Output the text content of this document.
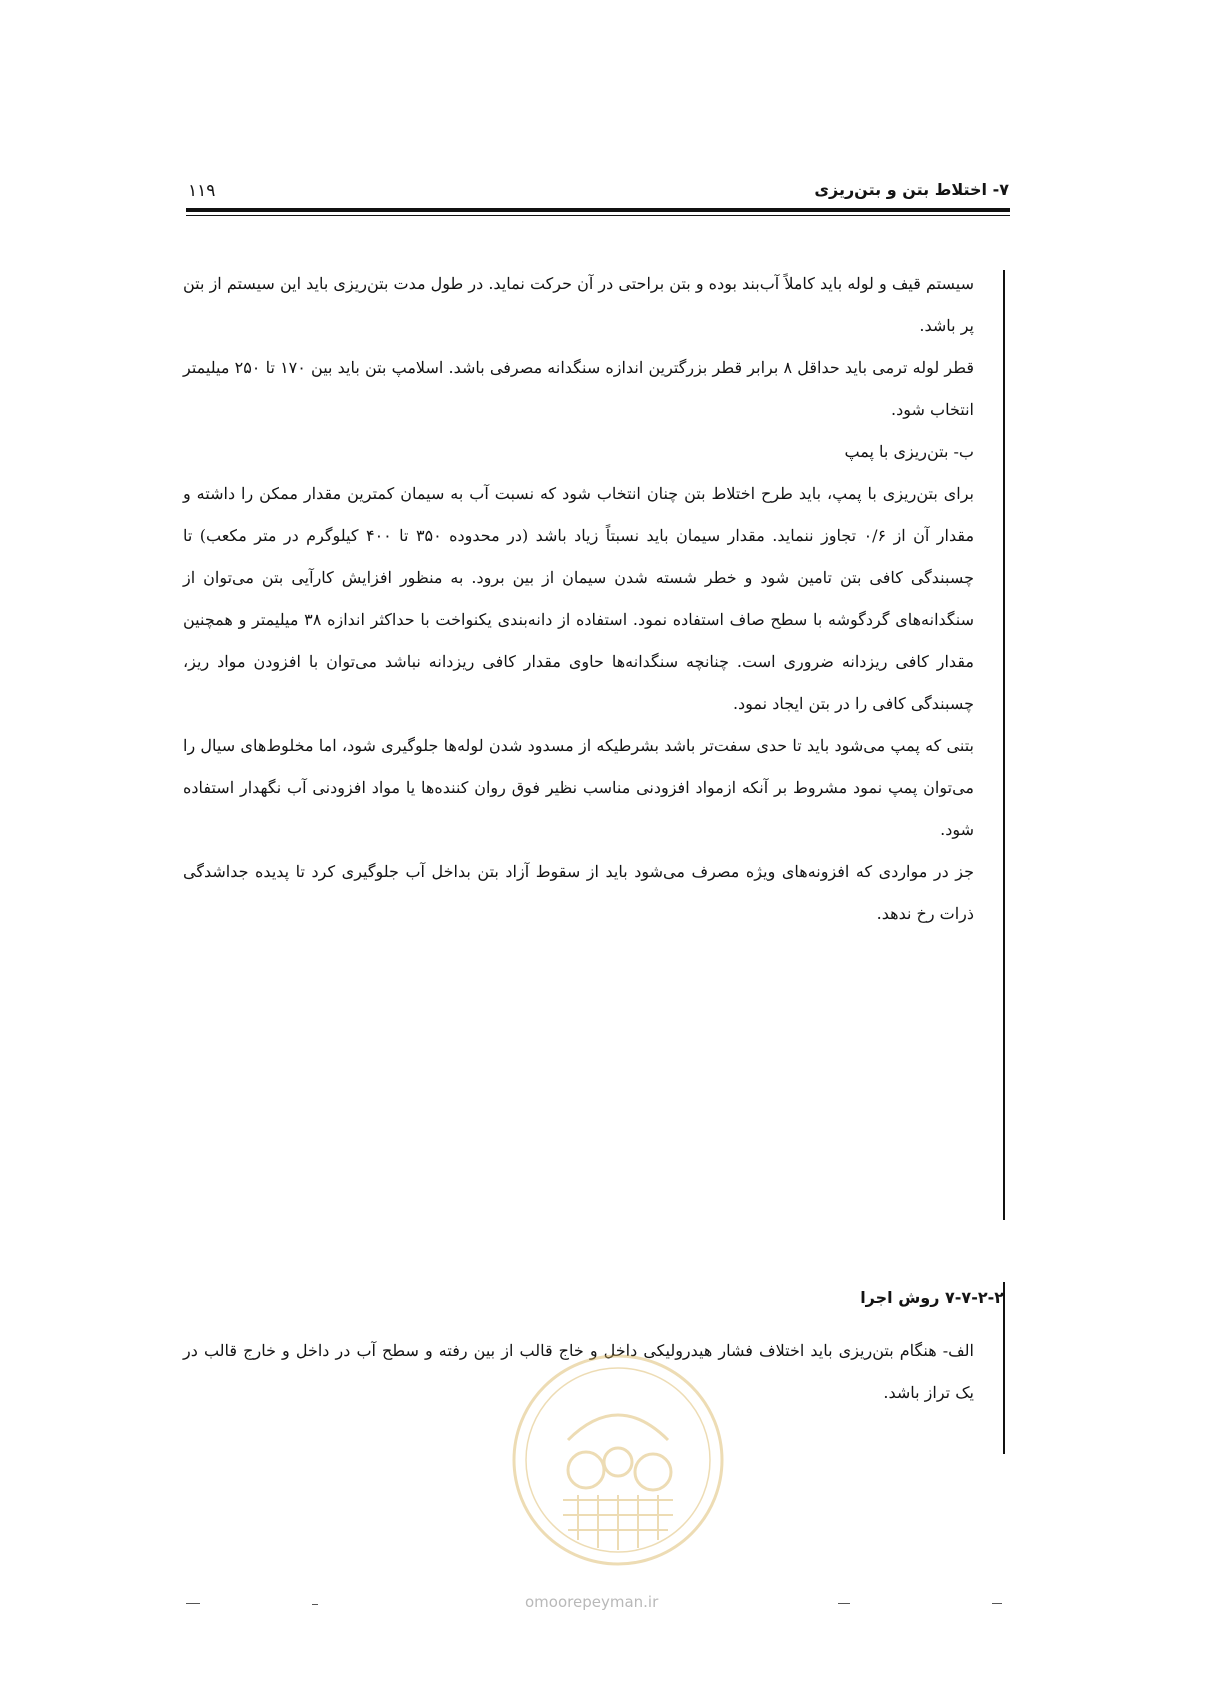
۷- اختلاط بتن و بتن‌ریزی
۱۱۹

سیستم قیف و لوله باید کاملاً آب‌بند بوده و بتن براحتی در آن حرکت نماید. در طول مدت بتن‌ریزی باید این سیستم از بتن پر باشد.

قطر لوله ترمی باید حداقل ۸ برابر قطر بزرگترین اندازه سنگدانه مصرفی باشد. اسلامپ بتن باید بین ۱۷۰ تا ۲۵۰ میلیمتر انتخاب شود.

ب- بتن‌ریزی با پمپ

برای بتن‌ریزی با پمپ، باید طرح اختلاط بتن چنان انتخاب شود که نسبت آب به سیمان کمترین مقدار ممکن را داشته و مقدار آن از ۰/۶ تجاوز ننماید. مقدار سیمان باید نسبتاً زیاد باشد (در محدوده ۳۵۰ تا ۴۰۰ کیلوگرم در متر مکعب) تا چسبندگی کافی بتن تامین شود و خطر شسته شدن سیمان از بین برود. به منظور افزایش کارآیی بتن می‌توان از سنگدانه‌های گردگوشه با سطح صاف استفاده نمود. استفاده از دانه‌بندی یکنواخت با حداکثر اندازه ۳۸ میلیمتر و همچنین مقدار کافی ریزدانه ضروری است. چنانچه سنگدانه‌ها حاوی مقدار کافی ریزدانه نباشد می‌توان با افزودن مواد ریز، چسبندگی کافی را در بتن ایجاد نمود.

بتنی که پمپ می‌شود باید تا حدی سفت‌تر باشد بشرطیکه از مسدود شدن لوله‌ها جلوگیری شود، اما مخلوط‌های سیال را می‌توان پمپ نمود مشروط بر آنکه ازمواد افزودنی مناسب نظیر فوق روان کننده‌ها یا مواد افزودنی آب نگهدار استفاده شود.

جز در مواردی که افزونه‌های ویژه مصرف می‌شود باید از سقوط آزاد بتن بداخل آب جلوگیری کرد تا پدیده جداشدگی ذرات رخ ندهد.

۷-۷-۲-۲ روش اجرا

الف- هنگام بتن‌ریزی باید اختلاف فشار هیدرولیکی داخل و خاج قالب از بین رفته و سطح آب در داخل و خارج قالب در یک تراز باشد.

omoorepeyman.ir
